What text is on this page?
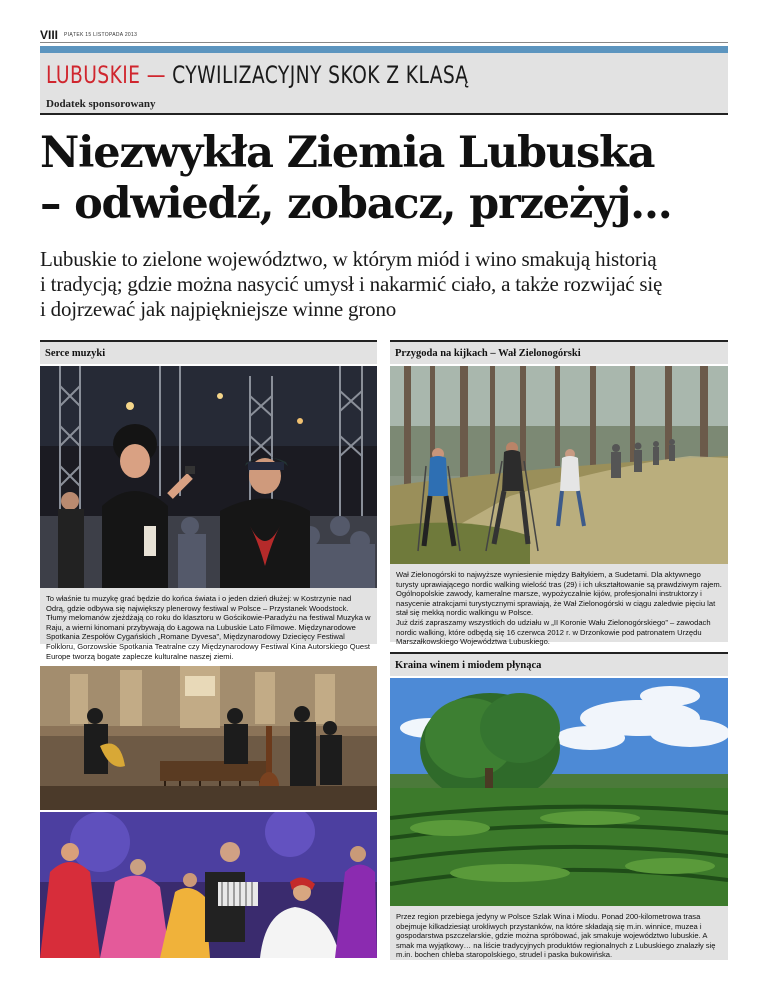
VIII PIĄTEK 15 LISTOPADA 2013
LUBUSKIE — CYWILIZACYJNY SKOK Z KLASĄ
Dodatek sponsorowany
Niezwykła Ziemia Lubuska
– odwiedź, zobacz, przeżyj...
Lubuskie to zielone województwo, w którym miód i wino smakują historią
i tradycją; gdzie można nasycić umysł i nakarmić ciało, a także rozwijać się
i dojrzewać jak najpiękniejsze winne grono
Serce muzyki

To właśnie tu muzykę grać będzie do końca świata i o jeden dzień dłużej: w Kostrzynie nad Odrą, gdzie odbywa się największy plenerowy festiwal w Polsce – Przystanek Woodstock. Tłumy melomanów zjeżdżają co roku do klasztoru w Gościkowie-Paradyżu na festiwal Muzyka w Raju, a wierni kinomani przybywają do Łagowa na Lubuskie Lato Filmowe. Międzynarodowe Spotkania Zespołów Cygańskich „Romane Dyvesa”, Międzynarodowy Dziecięcy Festiwal Folkloru, Gorzowskie Spotkania Teatralne czy Międzynarodowy Festiwal Kina Autorskiego Quest Europe tworzą bogate zaplecze kulturalne naszej ziemi.

Przygoda na kijkach – Wał Zielonogórski

Wał Zielonogórski to najwyższe wyniesienie między Bałtykiem, a Sudetami. Dla aktywnego turysty uprawiającego nordic walking wielość tras (29) i ich ukształtowanie są prawdziwym rajem. Ogólnopolskie zawody, kameralne marsze, wypożyczalnie kijów, profesjonalni instruktorzy i nasycenie atrakcjami turystycznymi sprawiają, że Wał Zielonogórski w ciągu zaledwie pięciu lat stał się mekką nordic walkingu w Polsce.

Już dziś zapraszamy wszystkich do udziału w „II Koronie Wału Zielonogórskiego” – zawodach nordic walking, które odbędą się 16 czerwca 2012 r. w Drzonkowie pod patronatem Urzędu Marszałkowskiego Województwa Lubuskiego.

Kraina winem i miodem płynąca

Przez region przebiega jedyny w Polsce Szlak Wina i Miodu. Ponad 200-kilometrowa trasa obejmuje kilkadziesiąt urokliwych przystanków, na które składają się m.in. winnice, muzea i gospodarstwa pszczelarskie, gdzie można spróbować, jak smakuje województwo lubuskie. A smak ma wyjątkowy… na liście tradycyjnych produktów regionalnych z Lubuskiego znalazły się m.in. bochen chleba staropolskiego, strudel i paska bukowińska.
